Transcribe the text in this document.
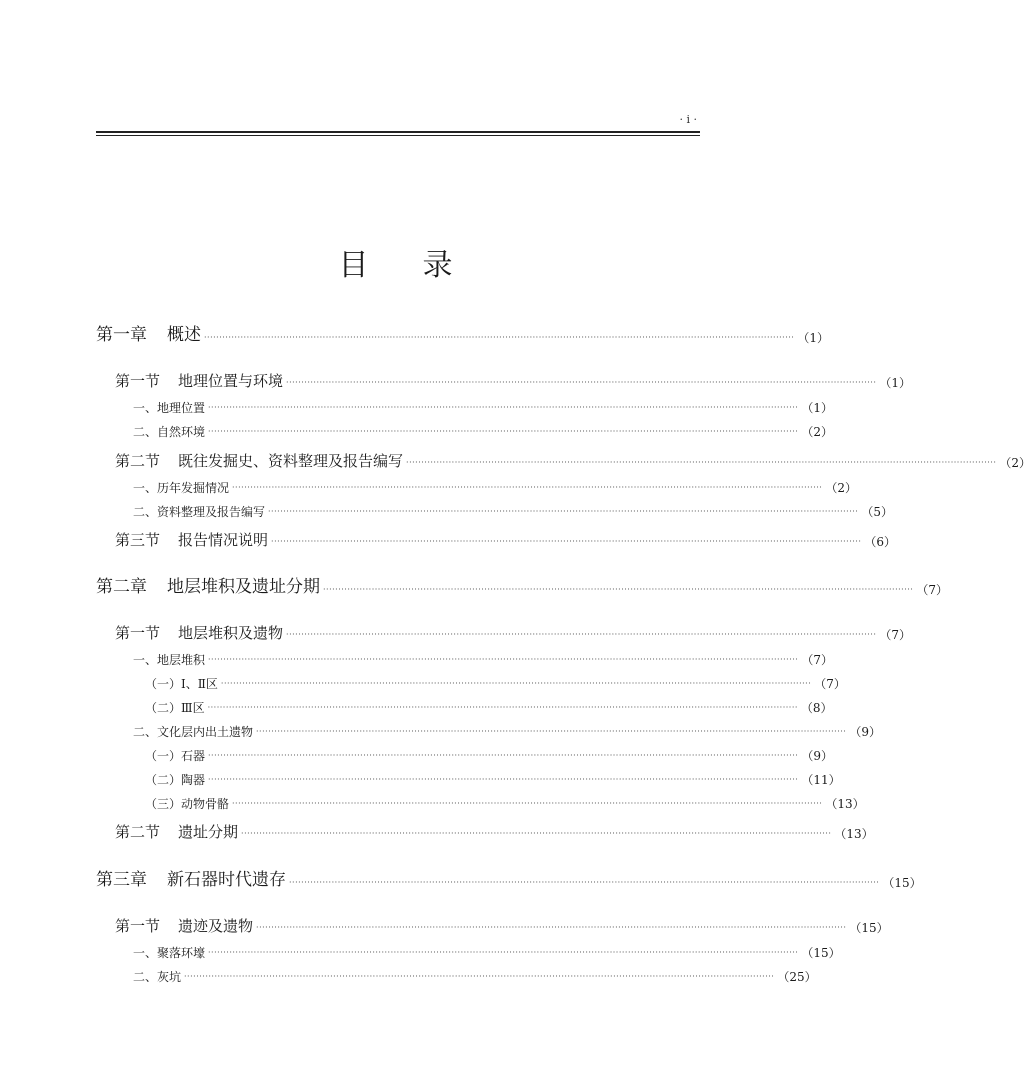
· i ·
目 录
第一章 概述 ·································································································································································································· （1）
第一节 地理位置与环境 ·································································································································································································· （1）
一、地理位置 ·································································································································································································· （1）
二、自然环境 ·································································································································································································· （2）
第二节 既往发掘史、资料整理及报告编写 ·································································································································································································· （2）
一、历年发掘情况 ·································································································································································································· （2）
二、资料整理及报告编写 ·································································································································································································· （5）
第三节 报告情况说明 ·································································································································································································· （6）
第二章 地层堆积及遗址分期 ·································································································································································································· （7）
第一节 地层堆积及遗物 ·································································································································································································· （7）
一、地层堆积 ·································································································································································································· （7）
（一）Ⅰ、Ⅱ区 ·································································································································································································· （7）
（二）Ⅲ区 ·································································································································································································· （8）
二、文化层内出土遗物 ·································································································································································································· （9）
（一）石器 ·································································································································································································· （9）
（二）陶器 ·································································································································································································· （11）
（三）动物骨骼 ·································································································································································································· （13）
第二节 遗址分期 ·································································································································································································· （13）
第三章 新石器时代遗存 ·································································································································································································· （15）
第一节 遗迹及遗物 ·································································································································································································· （15）
一、聚落环壕 ·································································································································································································· （15）
二、灰坑 ·································································································································································································· （25）
